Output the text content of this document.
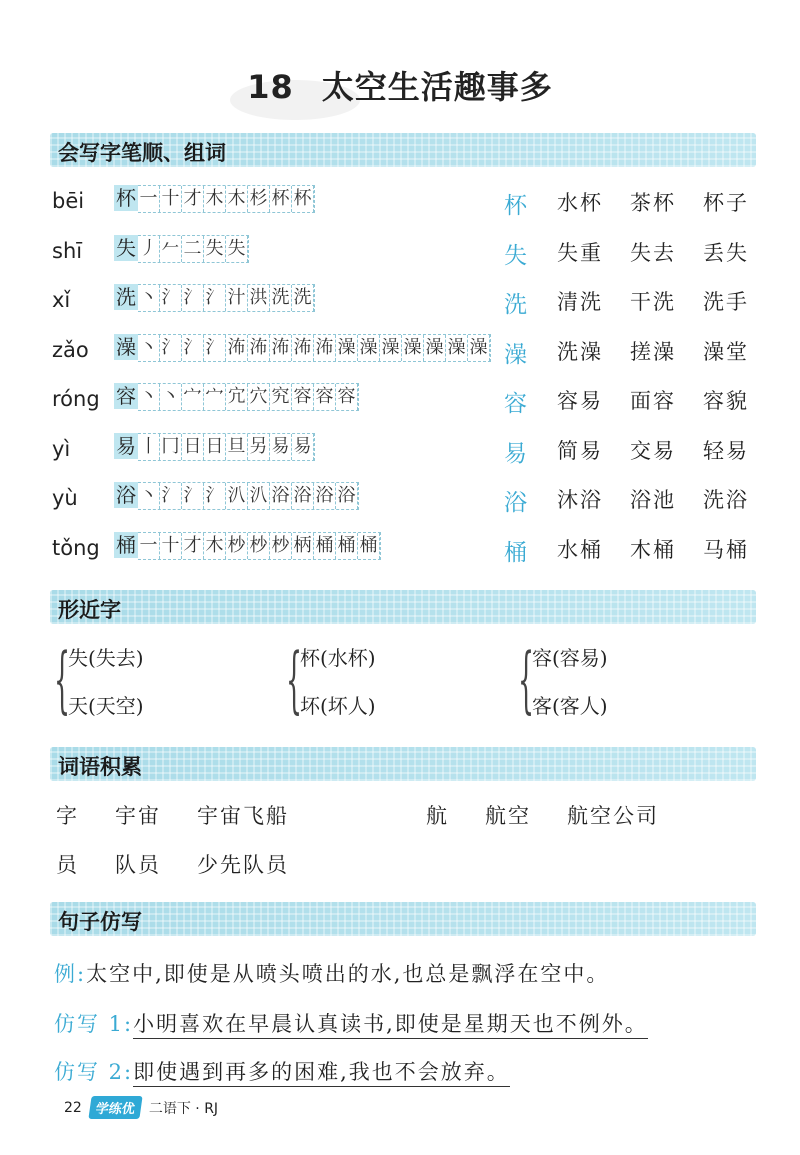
18 太空生活趣事多
会写字笔顺、组词
bēi 杯 一 十 才 木 木 杉 杯 杯	杯 水杯	茶杯	杯子
shī 失 丿 𠂉 二 失 失	失 失重	失去	丢失
xǐ 洗 丶 氵 氵 氵 汁 洪 洗 洗	洗 清洗	干洗	洗手
zǎo 澡 丶 氵 氵 氵 㳍 㳍 㳍 㳍 㳍 澡 澡 澡 澡 澡 澡 澡 澡 洗澡	搓澡	澡堂
róng 容 丶 丶 宀 宀 宂 穴 究 容 容 容	容 容易	面容	容貌
yì 易 丨 冂 日 日 旦 另 易 易	易 简易	交易	轻易
yù 浴 丶 氵 氵 氵 汃 汃 浴 浴 浴 浴	浴 沐浴	浴池	洗浴
tǒng 桶 一 十 才 木 杪 杪 杪 柄 桶 桶 桶	桶 水桶	木桶	马桶
形近字
{
失(失去)
天(天空) {
杯(水杯)
坏(坏人) {
容(容易)
客(客人)
词语积累
字 宇宙 宇宙飞船	航 航空 航空公司
员 队员 少先队员
句子仿写
例:太空中,即使是从喷头喷出的水,也总是飘浮在空中。
仿写 1:小明喜欢在早晨认真读书,即使是星期天也不例外。
仿写 2:即使遇到再多的困难,我也不会放弃。
22 学练优 二语下 · RJ
